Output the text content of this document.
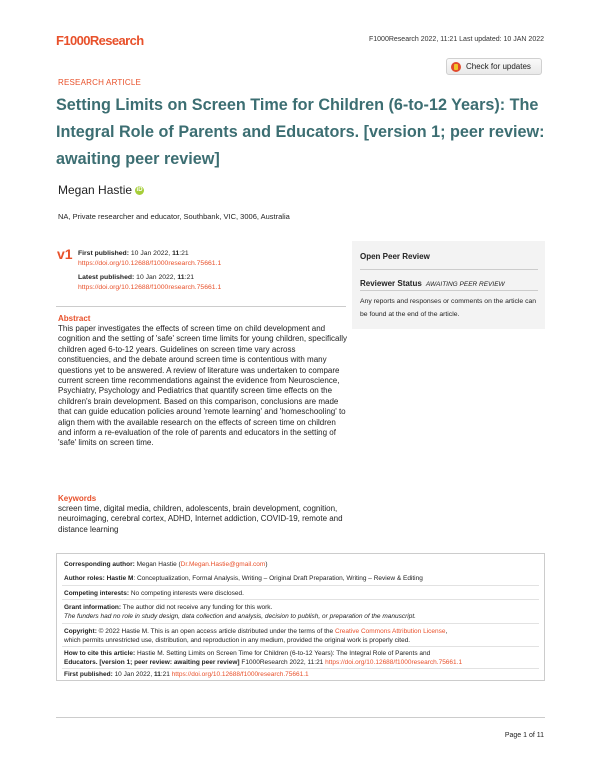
F1000Research	F1000Research 2022, 11:21 Last updated: 10 JAN 2022
RESEARCH ARTICLE
Check for updates
Setting Limits on Screen Time for Children (6-to-12 Years): The Integral Role of Parents and Educators. [version 1; peer review: awaiting peer review]
Megan Hastie iD
NA, Private researcher and educator, Southbank, VIC, 3006, Australia
v1 First published: 10 Jan 2022, 11:21
https://doi.org/10.12688/f1000research.75661.1
Latest published: 10 Jan 2022, 11:21
https://doi.org/10.12688/f1000research.75661.1
Open Peer Review
Reviewer Status AWAITING PEER REVIEW
Any reports and responses or comments on the article can be found at the end of the article.
Abstract
This paper investigates the effects of screen time on child development and cognition and the setting of 'safe' screen time limits for young children, specifically children aged 6-to-12 years. Guidelines on screen time vary across constituencies, and the debate around screen time is contentious with many questions yet to be answered. A review of literature was undertaken to compare current screen time recommendations against the evidence from Neuroscience, Psychiatry, Psychology and Pediatrics that quantify screen time effects on the children's brain development. Based on this comparison, conclusions are made that can guide education policies around 'remote learning' and 'homeschooling' to align them with the available research on the effects of screen time on children and inform a re-evaluation of the role of parents and educators in the setting of 'safe' limits on screen time.
Keywords
screen time, digital media, children, adolescents, brain development, cognition, neuroimaging, cerebral cortex, ADHD, Internet addiction, COVID-19, remote and distance learning
Corresponding author: Megan Hastie (Dr.Megan.Hastie@gmail.com)
Author roles: Hastie M: Conceptualization, Formal Analysis, Writing – Original Draft Preparation, Writing – Review & Editing
Competing interests: No competing interests were disclosed.
Grant information: The author did not receive any funding for this work.
The funders had no role in study design, data collection and analysis, decision to publish, or preparation of the manuscript.
Copyright: © 2022 Hastie M. This is an open access article distributed under the terms of the Creative Commons Attribution License,
which permits unrestricted use, distribution, and reproduction in any medium, provided the original work is properly cited.
How to cite this article: Hastie M. Setting Limits on Screen Time for Children (6-to-12 Years): The Integral Role of Parents and
Educators. [version 1; peer review: awaiting peer review] F1000Research 2022, 11:21 https://doi.org/10.12688/f1000research.75661.1
First published: 10 Jan 2022, 11:21 https://doi.org/10.12688/f1000research.75661.1
Page 1 of 11
